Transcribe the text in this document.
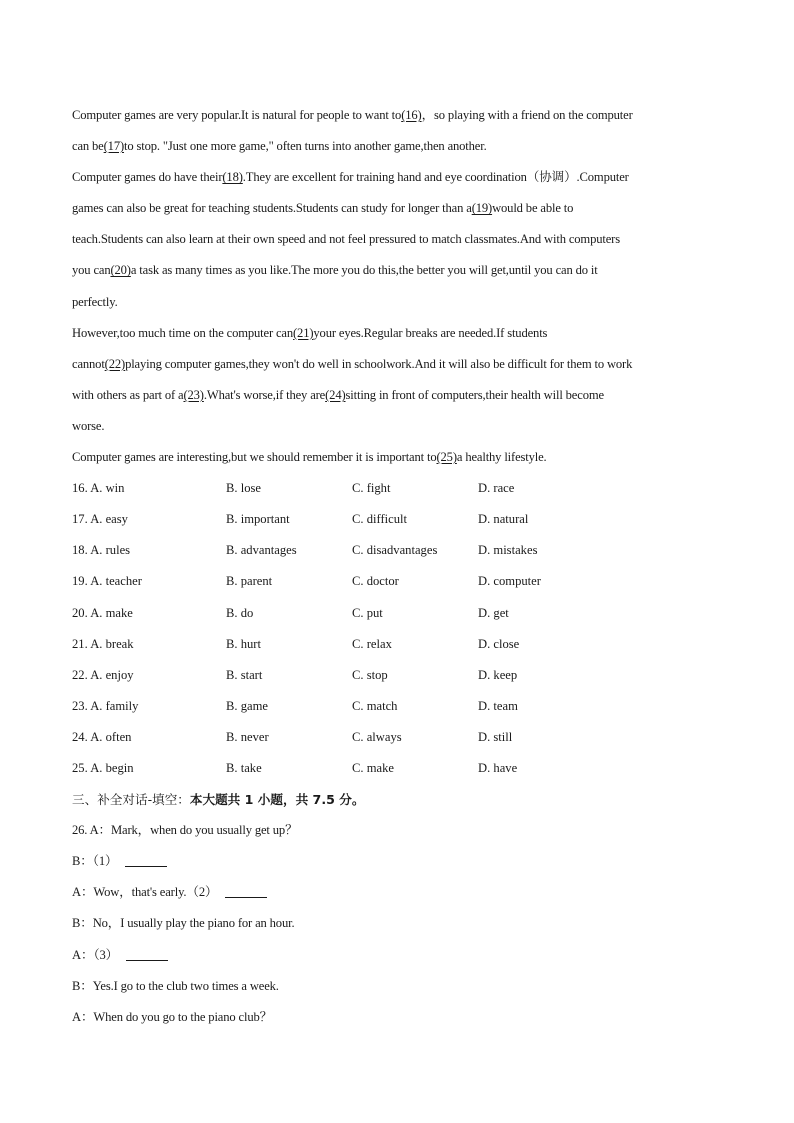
Computer games are very popular.It is natural for people to want to(16)，so playing with a friend on the computer
can be(17)to stop. "Just one more game," often turns into another game,then another.
Computer games do have their(18).They are excellent for training hand and eye coordination（协调）.Computer
games can also be great for teaching students.Students can study for longer than a(19)would be able to
teach.Students can also learn at their own speed and not feel pressured to match classmates.And with computers
you can(20)a task as many times as you like.The more you do this,the better you will get,until you can do it
perfectly.
However,too much time on the computer can(21)your eyes.Regular breaks are needed.If students
cannot(22)playing computer games,they won't do well in schoolwork.And it will also be difficult for them to work
with others as part of a(23).What's worse,if they are(24)sitting in front of computers,their health will become
worse.
Computer games are interesting,but we should remember it is important to(25)a healthy lifestyle.
16. A. win	B. lose	C. fight	D. race
17. A. easy	B. important	C. difficult	D. natural
18. A. rules	B. advantages	C. disadvantages	D. mistakes
19. A. teacher	B. parent	C. doctor	D. computer
20. A. make	B. do	C. put	D. get
21. A. break	B. hurt	C. relax	D. close
22. A. enjoy	B. start	C. stop	D. keep
23. A. family	B. game	C. match	D. team
24. A. often	B. never	C. always	D. still
25. A. begin	B. take	C. make	D. have
三、补全对话-填空：本大题共 1 小题，共 7.5 分。
26. A：Mark，when do you usually get up？
B：（1）
A：Wow，that's early.（2）
B：No，I usually play the piano for an hour.
A：（3）
B：Yes.I go to the club two times a week.
A：When do you go to the piano club？
